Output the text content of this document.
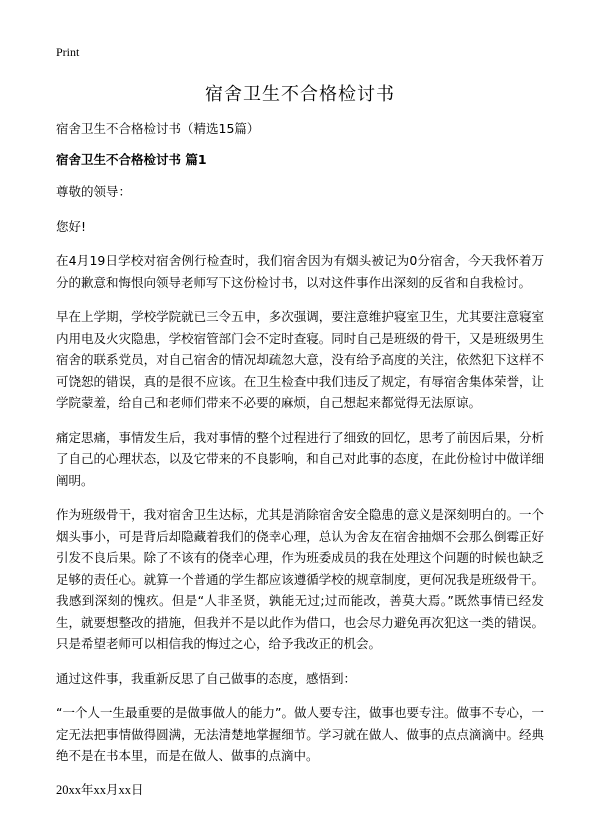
Print
宿舍卫生不合格检讨书
宿舍卫生不合格检讨书（精选15篇）
宿舍卫生不合格检讨书 篇1

尊敬的领导：

您好!

在4月19日学校对宿舍例行检查时，我们宿舍因为有烟头被记为0分宿舍，今天我怀着万分的歉意和悔恨向领导老师写下这份检讨书，以对这件事作出深刻的反省和自我检讨。

早在上学期，学校学院就已三令五申，多次强调，要注意维护寝室卫生，尤其要注意寝室内用电及火灾隐患，学校宿管部门会不定时查寝。同时自己是班级的骨干，又是班级男生宿舍的联系党员，对自己宿舍的情况却疏忽大意，没有给予高度的关注，依然犯下这样不可饶恕的错误，真的是很不应该。在卫生检查中我们违反了规定，有辱宿舍集体荣誉，让学院蒙羞，给自己和老师们带来不必要的麻烦，自己想起来都觉得无法原谅。

痛定思痛，事情发生后，我对事情的整个过程进行了细致的回忆，思考了前因后果，分析了自己的心理状态，以及它带来的不良影响，和自己对此事的态度，在此份检讨中做详细阐明。

作为班级骨干，我对宿舍卫生达标，尤其是消除宿舍安全隐患的意义是深刻明白的。一个烟头事小，可是背后却隐藏着我们的侥幸心理，总认为舍友在宿舍抽烟不会那么倒霉正好引发不良后果。除了不该有的侥幸心理，作为班委成员的我在处理这个问题的时候也缺乏足够的责任心。就算一个普通的学生都应该遵循学校的规章制度，更何况我是班级骨干。我感到深刻的愧疚。但是“人非圣贤，孰能无过;过而能改，善莫大焉。”既然事情已经发生，就要想整改的措施，但我并不是以此作为借口，也会尽力避免再次犯这一类的错误。只是希望老师可以相信我的悔过之心，给予我改正的机会。

通过这件事，我重新反思了自己做事的态度，感悟到：

“一个人一生最重要的是做事做人的能力”。做人要专注，做事也要专注。做事不专心，一定无法把事情做得圆满，无法清楚地掌握细节。学习就在做人、做事的点点滴滴中。经典绝不是在书本里，而是在做人、做事的点滴中。

20xx年xx月xx日
